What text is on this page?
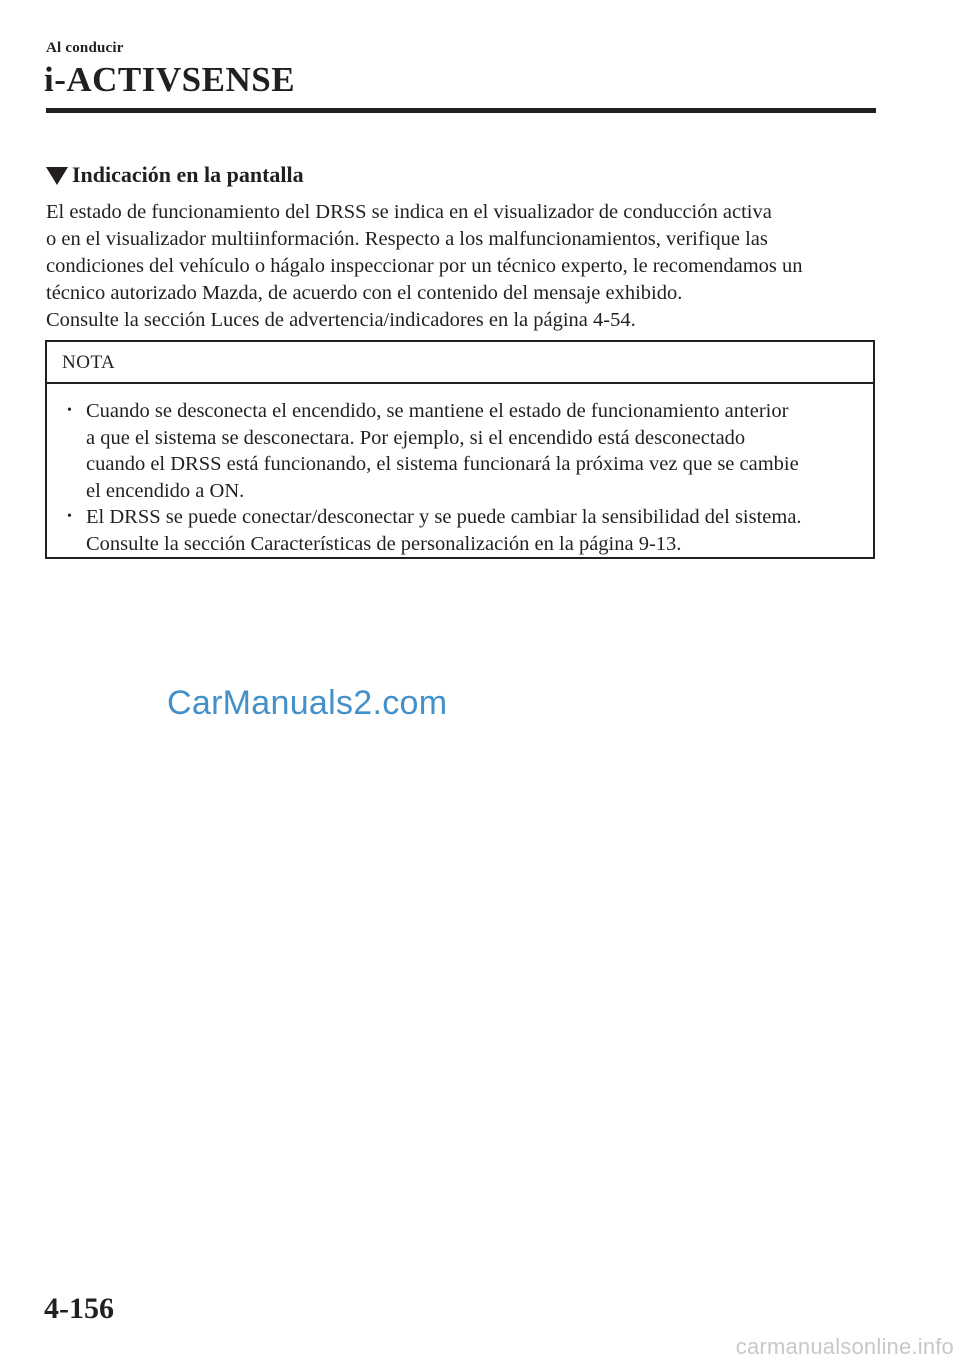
Al conducir
i-ACTIVSENSE
Indicación en la pantalla

El estado de funcionamiento del DRSS se indica en el visualizador de conducción activa

o en el visualizador multiinformación. Respecto a los malfuncionamientos, verifique las

condiciones del vehículo o hágalo inspeccionar por un técnico experto, le recomendamos un

técnico autorizado Mazda, de acuerdo con el contenido del mensaje exhibido.

Consulte la sección Luces de advertencia/indicadores en la página 4-54.

NOTA
• Cuando se desconecta el encendido, se mantiene el estado de funcionamiento anterior
a que el sistema se desconectara. Por ejemplo, si el encendido está desconectado
cuando el DRSS está funcionando, el sistema funcionará la próxima vez que se cambie
el encendido a ON.
• El DRSS se puede conectar/desconectar y se puede cambiar la sensibilidad del sistema.
Consulte la sección Características de personalización en la página 9-13.
CarManuals2.com
4-156
carmanualsonline.info
